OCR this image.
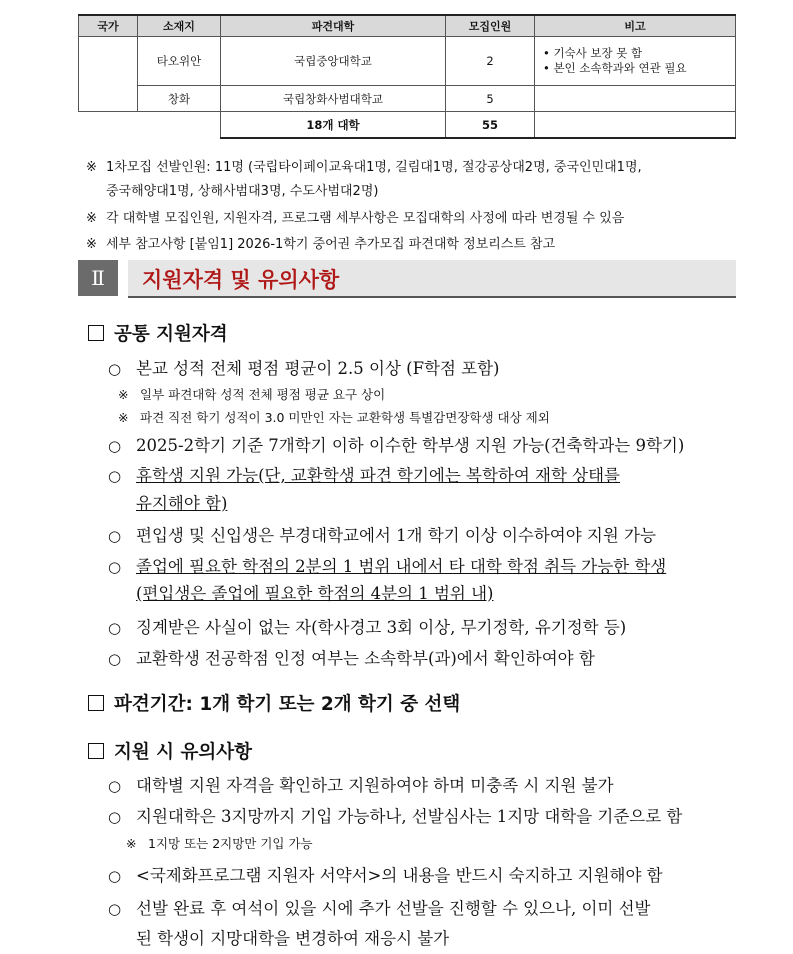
국가	소재지	파견대학	모집인원	비고
	타오위안	국립중앙대학교	2	• 기숙사 보장 못 함
• 본인 소속학과와 연관 필요

	창화	국립창화사범대학교	5	
		18개 대학	55	
※ 1차모집 선발인원: 11명 (국립타이페이교육대1명, 길림대1명, 절강공상대2명, 중국인민대1명,
중국해양대1명, 상해사범대3명, 수도사범대2명)
※ 각 대학별 모집인원, 지원자격, 프로그램 세부사항은 모집대학의 사정에 따라 변경될 수 있음
※ 세부 참고사항 [붙임1] 2026-1학기 중어권 추가모집 파견대학 정보리스트 참고
Ⅱ	지원자격 및 유의사항
공통 지원자격
○ 본교 성적 전체 평점 평균이 2.5 이상 (F학점 포함)
※ 일부 파견대학 성적 전체 평점 평균 요구 상이
※ 파견 직전 학기 성적이 3.0 미만인 자는 교환학생 특별감면장학생 대상 제외
○ 2025-2학기 기준 7개학기 이하 이수한 학부생 지원 가능(건축학과는 9학기)
○ 휴학생 지원 가능(단, 교환학생 파견 학기에는 복학하여 재학 상태를
유지해야 함)
○ 편입생 및 신입생은 부경대학교에서 1개 학기 이상 이수하여야 지원 가능
○ 졸업에 필요한 학점의 2분의 1 범위 내에서 타 대학 학점 취득 가능한 학생
(편입생은 졸업에 필요한 학점의 4분의 1 범위 내)
○ 징계받은 사실이 없는 자(학사경고 3회 이상, 무기정학, 유기정학 등)
○ 교환학생 전공학점 인정 여부는 소속학부(과)에서 확인하여야 함
파견기간: 1개 학기 또는 2개 학기 중 선택
지원 시 유의사항
○ 대학별 지원 자격을 확인하고 지원하여야 하며 미충족 시 지원 불가
○ 지원대학은 3지망까지 기입 가능하나, 선발심사는 1지망 대학을 기준으로 함
※ 1지망 또는 2지망만 기입 가능
○ <국제화프로그램 지원자 서약서>의 내용을 반드시 숙지하고 지원해야 함
○ 선발 완료 후 여석이 있을 시에 추가 선발을 진행할 수 있으나, 이미 선발
된 학생이 지망대학을 변경하여 재응시 불가
